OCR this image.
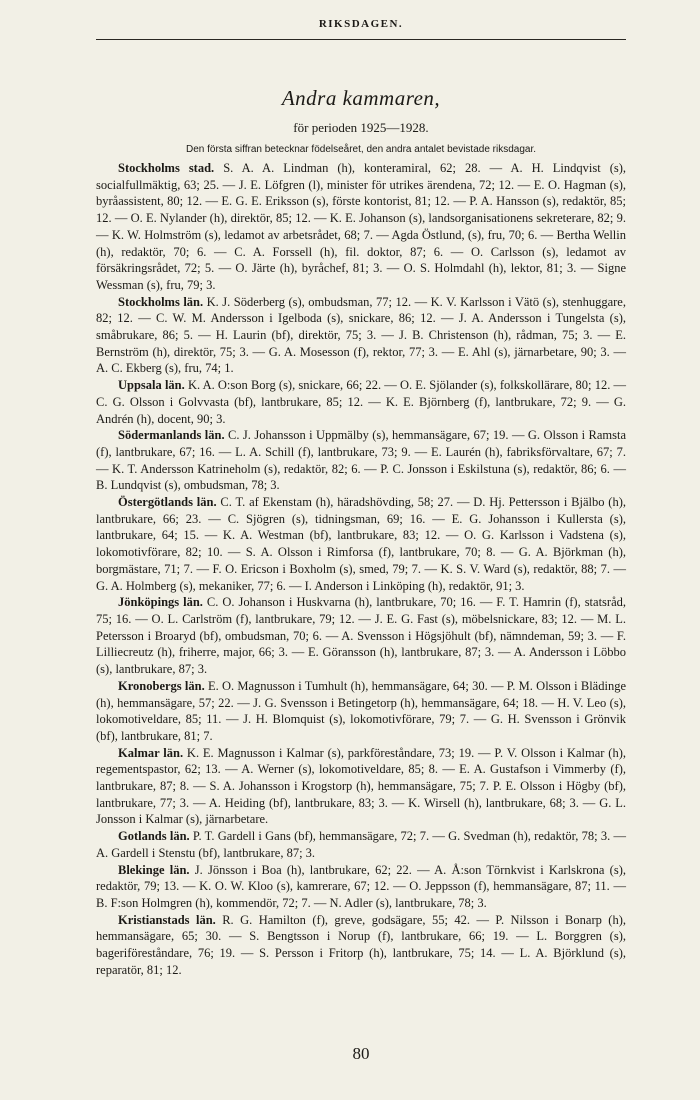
RIKSDAGEN.
Andra kammaren,
för perioden 1925—1928.
Den första siffran betecknar födelseåret, den andra antalet bevistade riksdagar.

Stockholms stad. S. A. A. Lindman (h), konteramiral, 62; 28. — A. H. Lindqvist (s), socialfullmäktig, 63; 25. — J. E. Löfgren (l), minister för utrikes ärendena, 72; 12. — E. O. Hagman (s), byråassistent, 80; 12. — E. G. E. Eriksson (s), förste kontorist, 81; 12. — P. A. Hansson (s), redaktör, 85; 12. — O. E. Nylander (h), direktör, 85; 12. — K. E. Johanson (s), landsorganisationens sekreterare, 82; 9. — K. W. Holmström (s), ledamot av arbetsrådet, 68; 7. — Agda Östlund, (s), fru, 70; 6. — Bertha Wellin (h), redaktör, 70; 6. — C. A. Forssell (h), fil. doktor, 87; 6. — O. Carlsson (s), ledamot av försäkringsrådet, 72; 5. — O. Järte (h), byråchef, 81; 3. — O. S. Holmdahl (h), lektor, 81; 3. — Signe Wessman (s), fru, 79; 3.

Stockholms län. K. J. Söderberg (s), ombudsman, 77; 12. — K. V. Karlsson i Vätö (s), stenhuggare, 82; 12. — C. W. M. Andersson i Igelboda (s), snickare, 86; 12. — J. A. Andersson i Tungelsta (s), småbrukare, 86; 5. — H. Laurin (bf), direktör, 75; 3. — J. B. Christenson (h), rådman, 75; 3. — E. Bernström (h), direktör, 75; 3. — G. A. Mosesson (f), rektor, 77; 3. — E. Ahl (s), järnarbetare, 90; 3. — A. C. Ekberg (s), fru, 74; 1.

Uppsala län. K. A. O:son Borg (s), snickare, 66; 22. — O. E. Sjölander (s), folkskollärare, 80; 12. — C. G. Olsson i Golvvasta (bf), lantbrukare, 85; 12. — K. E. Björnberg (f), lantbrukare, 72; 9. — G. Andrén (h), docent, 90; 3.

Södermanlands län. C. J. Johansson i Uppmälby (s), hemmansägare, 67; 19. — G. Olsson i Ramsta (f), lantbrukare, 67; 16. — L. A. Schill (f), lantbrukare, 73; 9. — E. Laurén (h), fabriksförvaltare, 67; 7. — K. T. Andersson Katrineholm (s), redaktör, 82; 6. — P. C. Jonsson i Eskilstuna (s), redaktör, 86; 6. — B. Lundqvist (s), ombudsman, 78; 3.

Östergötlands län. C. T. af Ekenstam (h), häradshövding, 58; 27. — D. Hj. Pettersson i Bjälbo (h), lantbrukare, 66; 23. — C. Sjögren (s), tidningsman, 69; 16. — E. G. Johansson i Kullersta (s), lantbrukare, 64; 15. — K. A. Westman (bf), lantbrukare, 83; 12. — O. G. Karlsson i Vadstena (s), lokomotivförare, 82; 10. — S. A. Olsson i Rimforsa (f), lantbrukare, 70; 8. — G. A. Björkman (h), borgmästare, 71; 7. — F. O. Ericson i Boxholm (s), smed, 79; 7. — K. S. V. Ward (s), redaktör, 88; 7. — G. A. Holmberg (s), mekaniker, 77; 6. — I. Anderson i Linköping (h), redaktör, 91; 3.

Jönköpings län. C. O. Johanson i Huskvarna (h), lantbrukare, 70; 16. — F. T. Hamrin (f), statsråd, 75; 16. — O. L. Carlström (f), lantbrukare, 79; 12. — J. E. G. Fast (s), möbelsnickare, 83; 12. — M. L. Petersson i Broaryd (bf), ombudsman, 70; 6. — A. Svensson i Högsjöhult (bf), nämndeman, 59; 3. — F. Lilliecreutz (h), friherre, major, 66; 3. — E. Göransson (h), lantbrukare, 87; 3. — A. Andersson i Löbbo (s), lantbrukare, 87; 3.

Kronobergs län. E. O. Magnusson i Tumhult (h), hemmansägare, 64; 30. — P. M. Olsson i Blädinge (h), hemmansägare, 57; 22. — J. G. Svensson i Betingetorp (h), hemmansägare, 64; 18. — H. V. Leo (s), lokomotiveldare, 85; 11. — J. H. Blomquist (s), lokomotivförare, 79; 7. — G. H. Svensson i Grönvik (bf), lantbrukare, 81; 7.

Kalmar län. K. E. Magnusson i Kalmar (s), parkföreståndare, 73; 19. — P. V. Olsson i Kalmar (h), regementspastor, 62; 13. — A. Werner (s), lokomotiveldare, 85; 8. — E. A. Gustafson i Vimmerby (f), lantbrukare, 87; 8. — S. A. Johansson i Krogstorp (h), hemmansägare, 75; 7. P. E. Olsson i Högby (bf), lantbrukare, 77; 3. — A. Heiding (bf), lantbrukare, 83; 3. — K. Wirsell (h), lantbrukare, 68; 3. — G. L. Jonsson i Kalmar (s), järnarbetare.

Gotlands län. P. T. Gardell i Gans (bf), hemmansägare, 72; 7. — G. Svedman (h), redaktör, 78; 3. — A. Gardell i Stenstu (bf), lantbrukare, 87; 3.

Blekinge län. J. Jönsson i Boa (h), lantbrukare, 62; 22. — A. Å:son Törnkvist i Karlskrona (s), redaktör, 79; 13. — K. O. W. Kloo (s), kamrerare, 67; 12. — O. Jeppsson (f), hemmansägare, 87; 11. — B. F:son Holmgren (h), kommendör, 72; 7. — N. Adler (s), lantbrukare, 78; 3.

Kristianstads län. R. G. Hamilton (f), greve, godsägare, 55; 42. — P. Nilsson i Bonarp (h), hemmansägare, 65; 30. — S. Bengtsson i Norup (f), lantbrukare, 66; 19. — L. Borggren (s), bageriföreståndare, 76; 19. — S. Persson i Fritorp (h), lantbrukare, 75; 14. — L. A. Björklund (s), reparatör, 81; 12.

80
